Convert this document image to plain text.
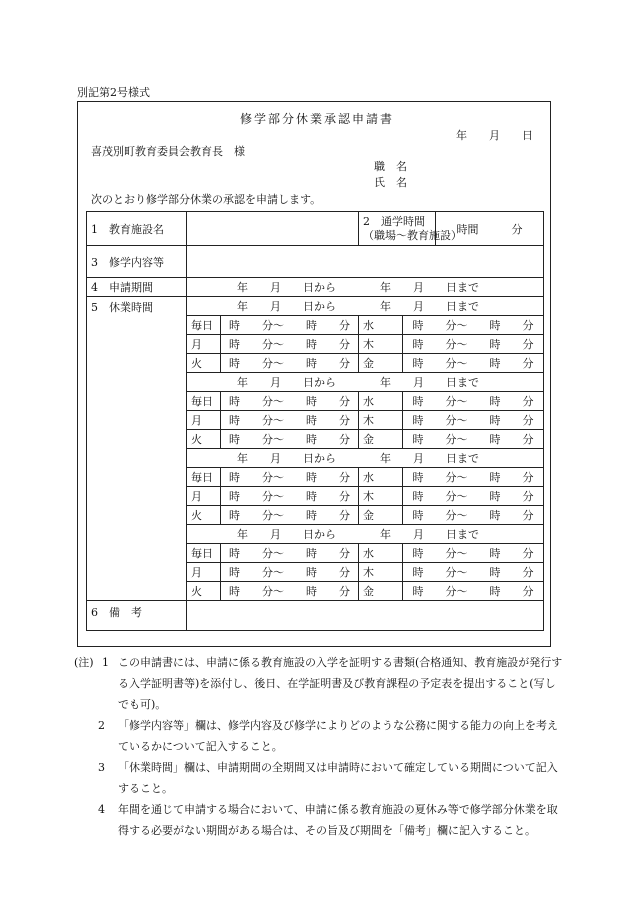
別記第2号様式
修学部分休業承認申請書
年　　月　　日
喜茂別町教育委員会教育長　様
職　名
氏　名
次のとおり修学部分休業の承認を申請します。
1　教育施設名			2　通学時間
（職場～教育施設）		時間　　　分
3　修学内容等					
4　申請期間	年　　月　　日から　　　　年　　月　　日まで				
5　休業時間	年　　月　　日から　　　　年　　月　　日まで				
	毎日	時　　分～　　時　　分	水	時　　分～　　時　　分	
	月	時　　分～　　時　　分	木	時　　分～　　時　　分	
	火	時　　分～　　時　　分	金	時　　分～　　時　　分	
	年　　月　　日から　　　　年　　月　　日まで				
	毎日	時　　分～　　時　　分	水	時　　分～　　時　　分	
	月	時　　分～　　時　　分	木	時　　分～　　時　　分	
	火	時　　分～　　時　　分	金	時　　分～　　時　　分	
	年　　月　　日から　　　　年　　月　　日まで				
	毎日	時　　分～　　時　　分	水	時　　分～　　時　　分	
	月	時　　分～　　時　　分	木	時　　分～　　時　　分	
	火	時　　分～　　時　　分	金	時　　分～　　時　　分	
	年　　月　　日から　　　　年　　月　　日まで				
	毎日	時　　分～　　時　　分	水	時　　分～　　時　　分	
	月	時　　分～　　時　　分	木	時　　分～　　時　　分	
	火	時　　分～　　時　　分	金	時　　分～　　時　　分	
6　備　考					
(注) 1 この申請書には、申請に係る教育施設の入学を証明する書類(合格通知、教育施設が発行する入学証明書等)を添付し、後日、在学証明書及び教育課程の予定表を提出すること(写しでも可)。
2 「修学内容等」欄は、修学内容及び修学によりどのような公務に関する能力の向上を考えているかについて記入すること。
3 「休業時間」欄は、申請期間の全期間又は申請時において確定している期間について記入すること。
4 年間を通じて申請する場合において、申請に係る教育施設の夏休み等で修学部分休業を取得する必要がない期間がある場合は、その旨及び期間を「備考」欄に記入すること。
